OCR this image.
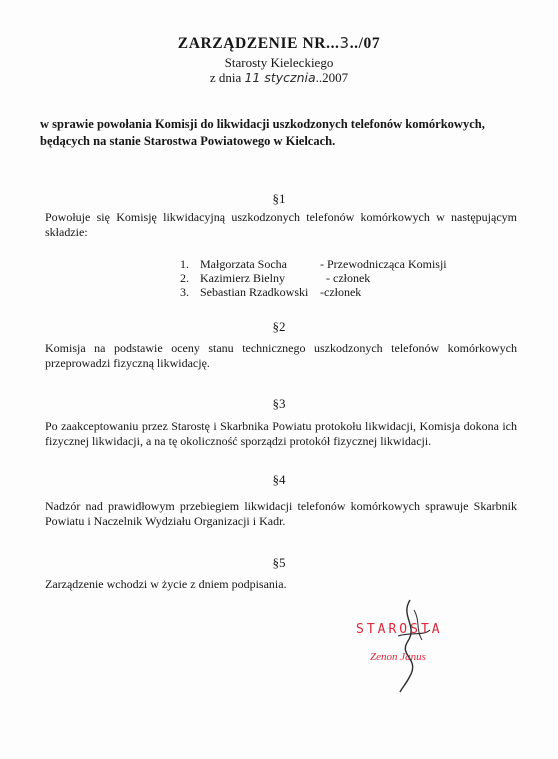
ZARZĄDZENIE NR...3../07
Starosty Kieleckiego
z dnia 11 stycznia..2007
w sprawie powołania Komisji do likwidacji uszkodzonych telefonów komórkowych, będących na stanie Starostwa Powiatowego w Kielcach.
§1
Powołuje się Komisję likwidacyjną uszkodzonych telefonów komórkowych w następującym składzie:
1. Małgorzata Socha	- Przewodnicząca Komisji
2. Kazimierz Bielny	- członek
3. Sebastian Rzadkowski -członek
§2
Komisja na podstawie oceny stanu technicznego uszkodzonych telefonów komórkowych przeprowadzi fizyczną likwidację.
§3
Po zaakceptowaniu przez Starostę i Skarbnika Powiatu protokołu likwidacji, Komisja dokona ich fizycznej likwidacji, a na tę okoliczność sporządzi protokół fizycznej likwidacji.
§4
Nadzór nad prawidłowym przebiegiem likwidacji telefonów komórkowych sprawuje Skarbnik Powiatu i Naczelnik Wydziału Organizacji i Kadr.
§5
Zarządzenie wchodzi w życie z dniem podpisania.
STAROSTA
Zenon Janus
